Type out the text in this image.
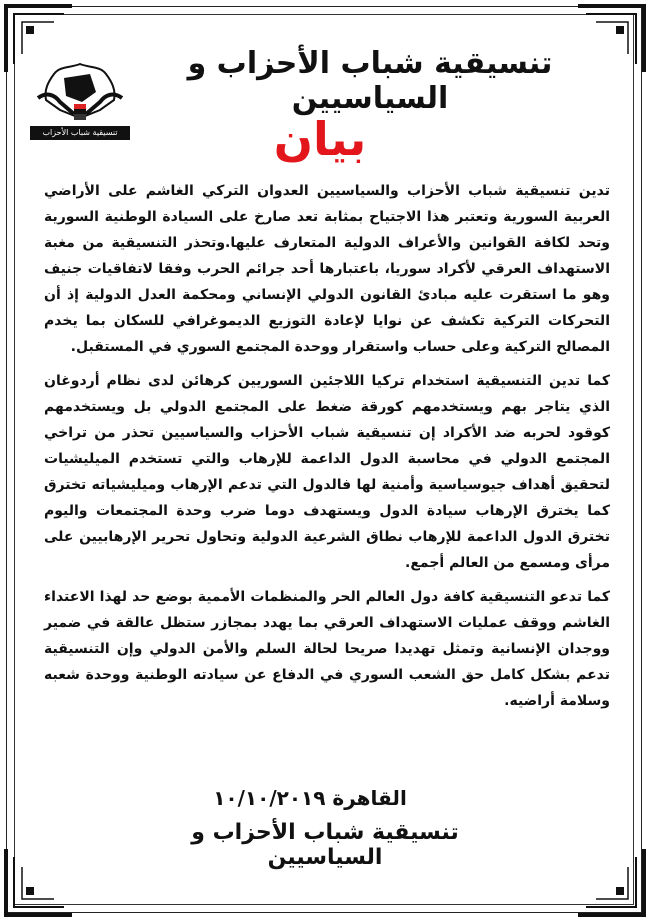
تنسيقية شباب الأحزاب والسياسيين
تنسيقية شباب الأحزاب و السياسيين
بيان

تدين تنسيقية شباب الأحزاب والسياسيين العدوان التركي الغاشم على الأراضي العربية السورية وتعتبر هذا الاجتياح بمثابة تعد صارخ على السيادة الوطنية السورية وتحد لكافة القوانين والأعراف الدولية المتعارف عليها.وتحذر التنسيقية من مغبة الاستهداف العرقي لأكراد سوريا، باعتبارها أحد جرائم الحرب وفقا لاتفاقيات جنيف وهو ما استقرت عليه مبادئ القانون الدولي الإنساني ومحكمة العدل الدولية إذ أن التحركات التركية تكشف عن نوايا لإعادة التوزيع الديموغرافي للسكان بما يخدم المصالح التركية وعلى حساب واستقرار ووحدة المجتمع السوري في المستقبل.

كما تدين التنسيقية استخدام تركيا اللاجئين السوريين كرهائن لدى نظام أردوغان الذي يتاجر بهم ويستخدمهم كورقة ضغط على المجتمع الدولي بل ويستخدمهم كوقود لحربه ضد الأكراد إن تنسيقية شباب الأحزاب والسياسيين تحذر من تراخي المجتمع الدولي في محاسبة الدول الداعمة للإرهاب والتي تستخدم الميليشيات لتحقيق أهداف جيوسياسية وأمنية لها فالدول التي تدعم الإرهاب وميليشياته تخترق كما يخترق الإرهاب سيادة الدول ويستهدف دوما ضرب وحدة المجتمعات واليوم تخترق الدول الداعمة للإرهاب نطاق الشرعية الدولية وتحاول تحرير الإرهابيين على مرأى ومسمع من العالم أجمع.

كما تدعو التنسيقية كافة دول العالم الحر والمنظمات الأممية بوضع حد لهذا الاعتداء الغاشم ووقف عمليات الاستهداف العرقي بما يهدد بمجازر ستظل عالقة في ضمير ووجدان الإنسانية وتمثل تهديدا صريحا لحالة السلم والأمن الدولي وإن التنسيقية تدعم بشكل كامل حق الشعب السوري في الدفاع عن سيادته الوطنية ووحدة شعبه وسلامة أراضيه.

القاهرة ١٠/١٠/٢٠١٩
تنسيقية شباب الأحزاب و السياسيين
